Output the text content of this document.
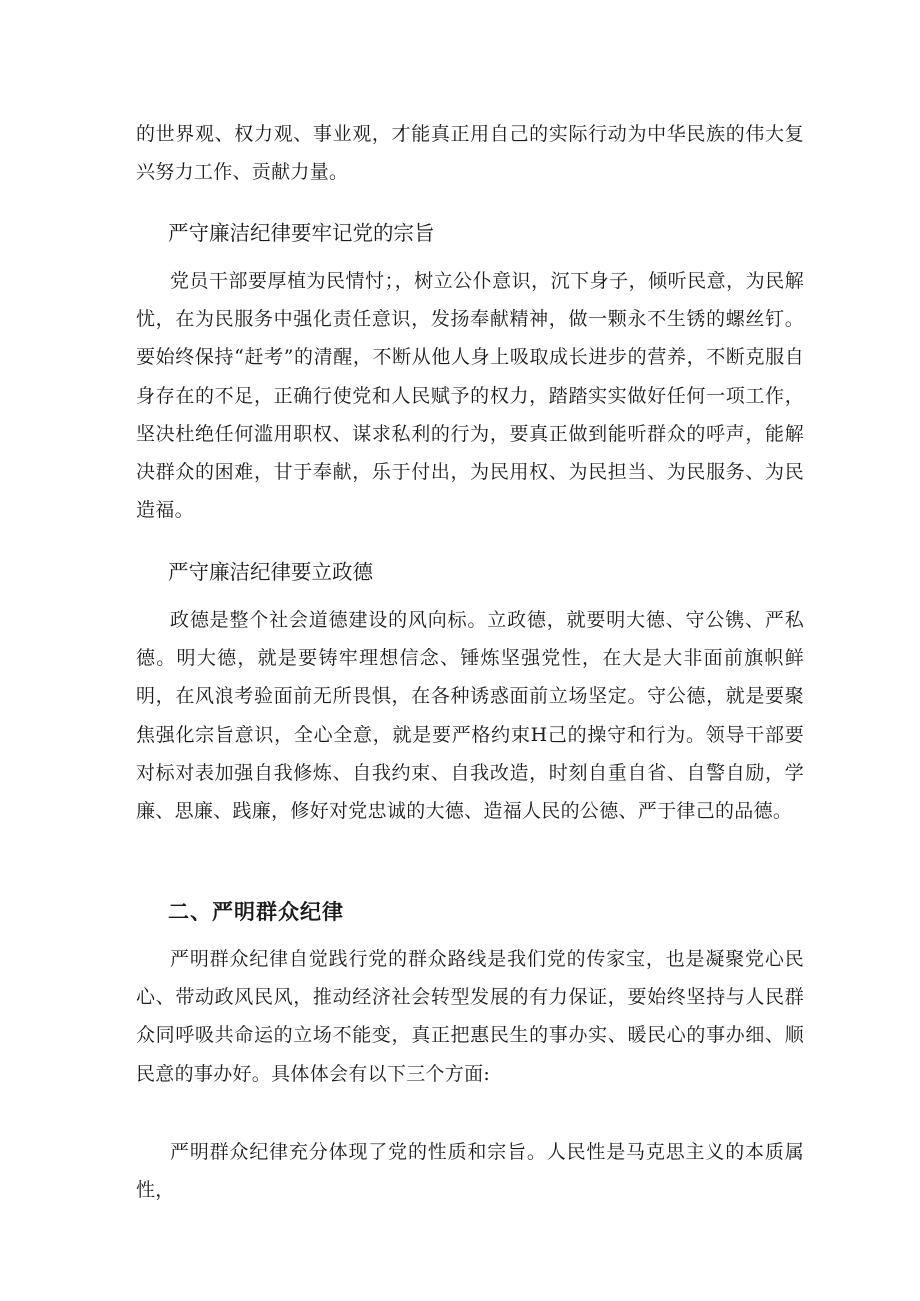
的世界观、权力观、事业观，才能真正用自己的实际行动为中华民族的伟大复兴努力工作、贡献力量。

严守廉洁纪律要牢记党的宗旨

党员干部要厚植为民情忖；，树立公仆意识，沉下身子，倾听民意，为民解忧，在为民服务中强化责任意识，发扬奉献精神，做一颗永不生锈的螺丝钉。要始终保持“赶考”的清醒，不断从他人身上吸取成长进步的营养，不断克服自身存在的不足，正确行使党和人民赋予的权力，踏踏实实做好任何一项工作，坚决杜绝任何滥用职权、谋求私利的行为，要真正做到能听群众的呼声，能解决群众的困难，甘于奉献，乐于付出，为民用权、为民担当、为民服务、为民造福。

严守廉洁纪律要立政德

政德是整个社会道德建设的风向标。立政德，就要明大德、守公镌、严私德。明大德，就是要铸牢理想信念、锤炼坚强党性，在大是大非面前旗帜鲜明，在风浪考验面前无所畏惧，在各种诱惑面前立场坚定。守公德，就是要聚焦强化宗旨意识，全心全意，就是要严格约束H己的操守和行为。领导干部要对标对表加强自我修炼、自我约束、自我改造，时刻自重自省、自警自励，学廉、思廉、践廉，修好对党忠诚的大德、造福人民的公德、严于律己的品德。

二、严明群众纪律

严明群众纪律自觉践行党的群众路线是我们党的传家宝，也是凝聚党心民心、带动政风民风，推动经济社会转型发展的有力保证，要始终坚持与人民群众同呼吸共命运的立场不能变，真正把惠民生的事办实、暖民心的事办细、顺民意的事办好。具体体会有以下三个方面:

严明群众纪律充分体现了党的性质和宗旨。人民性是马克思主义的本质属性，
